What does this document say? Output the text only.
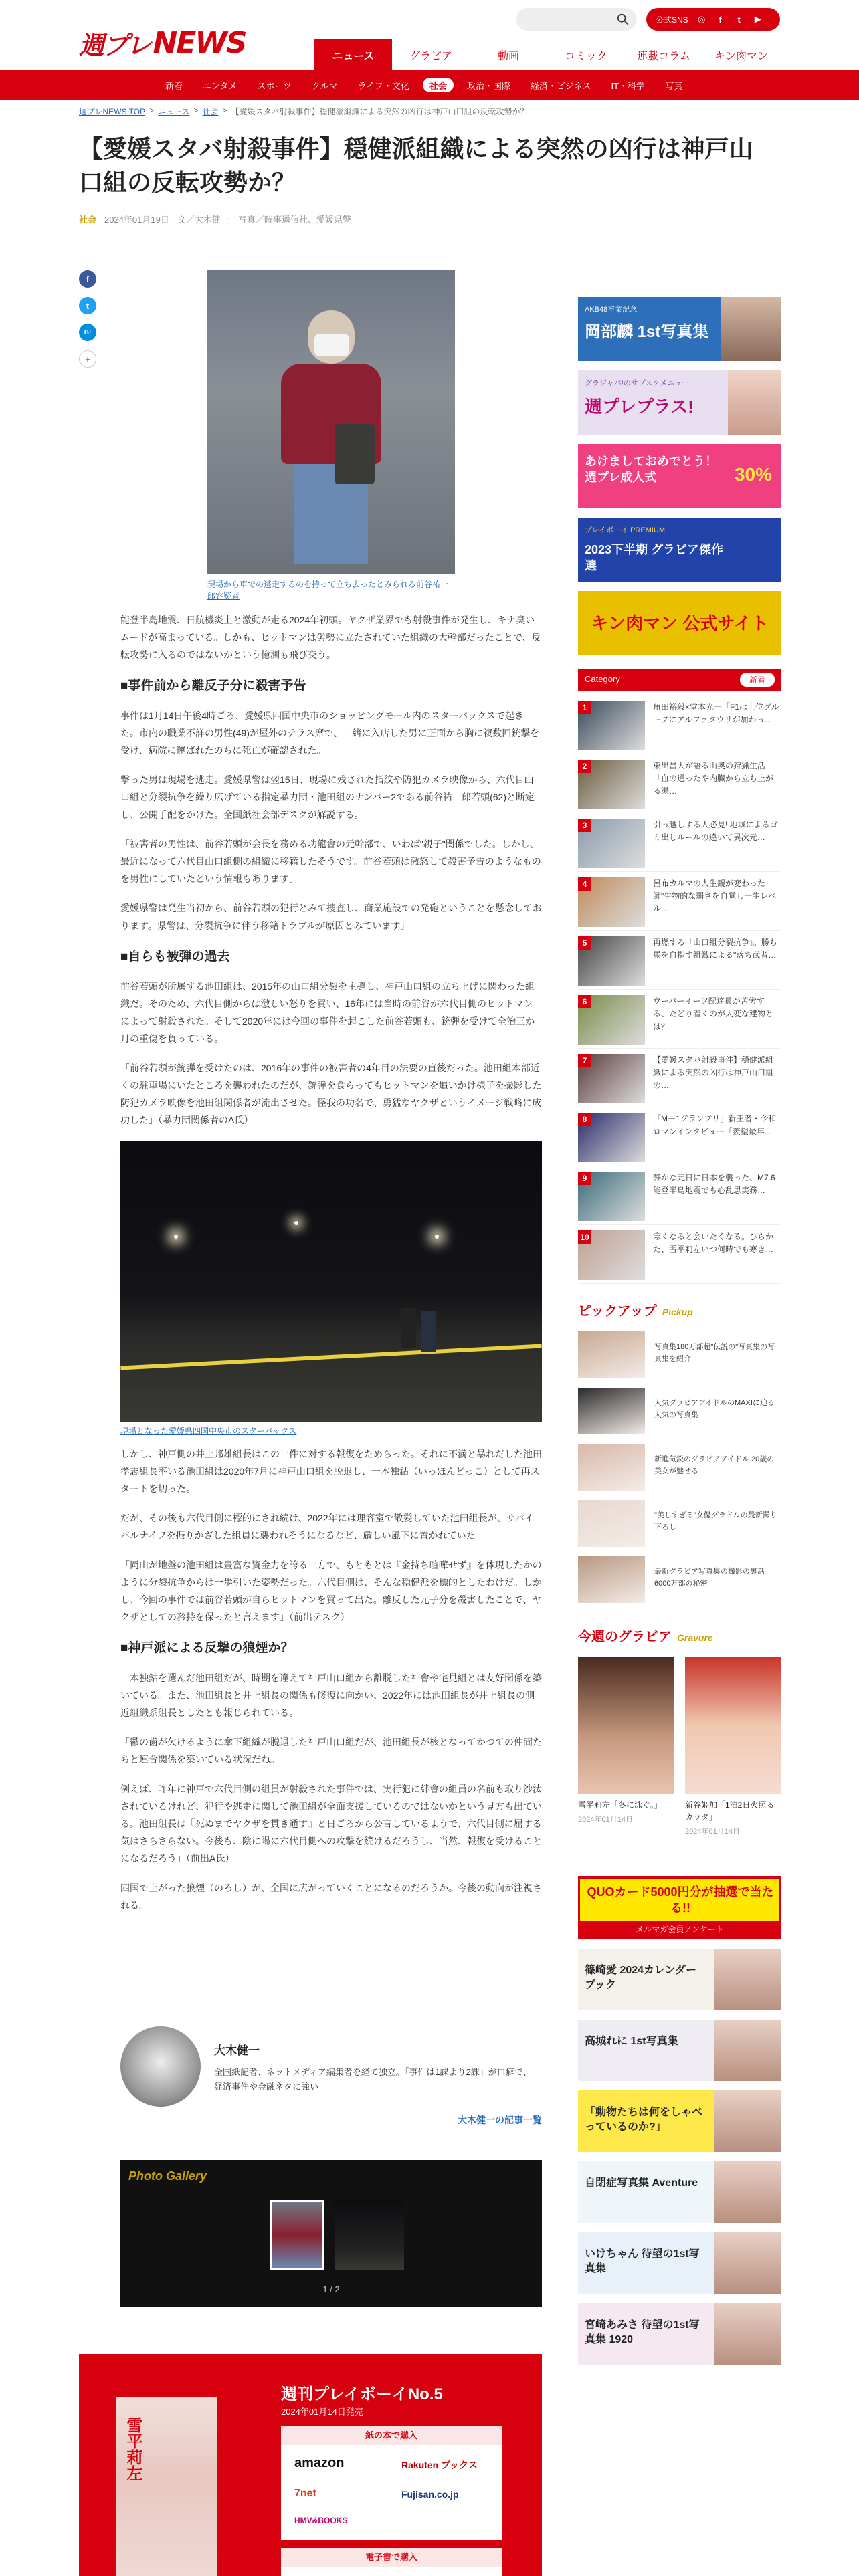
週プレ NEWS
公式SNS ◎	f	t	▶
ニュース	グラビア	動画	コミック	連載コラム	キン肉マン
新着	エンタメ	スポーツ	クルマ	ライフ・文化	社会	政治・国際	経済・ビジネス	IT・科学	写真
週プレNEWS TOP > ニュース > 社会 > 【愛媛スタバ射殺事件】穏健派組織による突然の凶行は神戸山口組の反転攻勢か？
【愛媛スタバ射殺事件】穏健派組織による突然の凶行は神戸山口組の反転攻勢か？
社会 2024年01月19日 文／大木健一　写真／時事通信社、愛媛県警
f
t
B!
+
現場から車での逃走するのを持って立ち去ったとみられる前谷祐一郎容疑者

能登半島地震、日航機炎上と激動が走る2024年初頭。ヤクザ業界でも射殺事件が発生し、キナ臭いムードが高まっている。しかも、ヒットマンは劣勢に立たされていた組織の大幹部だったことで、反転攻勢に入るのではないかという憶測も飛び交う。

■事件前から離反子分に殺害予告

事件は1月14日午後4時ごろ、愛媛県四国中央市のショッピングモール内のスターバックスで起きた。市内の職業不詳の男性(49)が屋外のテラス席で、一緒に入店した男に正面から胸に複数回銃撃を受け、病院に運ばれたのちに死亡が確認された。

撃った男は現場を逃走。愛媛県警は翌15日、現場に残された指紋や防犯カメラ映像から、六代目山口組と分裂抗争を繰り広げている指定暴力団・池田組のナンバー2である前谷祐一郎若頭(62)と断定し、公開手配をかけた。全国紙社会部デスクが解説する。

「被害者の男性は、前谷若頭が会長を務める功龍會の元幹部で、いわば"親子"関係でした。しかし、最近になって六代目山口組側の組織に移籍したそうです。前谷若頭は激怒して殺害予告のようなものを男性にしていたという情報もあります」

愛媛県警は発生当初から、前谷若頭の犯行とみて捜査し、商業施設での発砲ということを懸念しております。県警は、分裂抗争に伴う移籍トラブルが原因とみています」

■自らも被弾の過去

前谷若頭が所属する池田組は、2015年の山口組分裂を主導し、神戸山口組の立ち上げに関わった組織だ。そのため、六代目側からは激しい怒りを買い、16年には当時の前谷が六代目側のヒットマンによって射殺された。そして2020年には今回の事件を起こした前谷若頭も、銃弾を受けて全治三か月の重傷を負っている。

「前谷若頭が銃弾を受けたのは、2016年の事件の被害者の4年目の法要の直後だった。池田組本部近くの駐車場にいたところを襲われたのだが、銃弾を食らってもヒットマンを追いかけ様子を撮影した防犯カメラ映像を池田組関係者が流出させた。怪我の功名で、勇猛なヤクザというイメージ戦略に成功した」（暴力団関係者のA氏）

現場となった愛媛県四国中央市のスターバックス

しかし、神戸側の井上邦雄組長はこの一件に対する報復をためらった。それに不満と暴れだした池田孝志組長率いる池田組は2020年7月に神戸山口組を脱退し、一本独鈷（いっぽんどっこ）として再スタートを切った。

だが、その後も六代目側に標的にされ続け、2022年には理容室で散髪していた池田組長が、サバイバルナイフを振りかざした組員に襲われそうになるなど、厳しい風下に置かれていた。

「岡山が地盤の池田組は豊富な資金力を誇る一方で、もともとは『金持ち喧嘩せず』を体現したかのように分裂抗争からは一歩引いた姿勢だった。六代目側は、そんな穏健派を標的としたわけだ。しかし、今回の事件では前谷若頭が自らヒットマンを買って出た。離反した元子分を殺害したことで、ヤクザとしての矜持を保ったと言えます」（前出テスク）

■神戸派による反撃の狼煙か？

一本独鈷を選んだ池田組だが、時期を違えて神戸山口組から離脱した神會や宅見組とは友好関係を築いている。また、池田組長と井上組長の関係も修復に向かい、2022年には池田組長が井上組長の側近組織系組長としたとも報じられている。

「鬱の歯が欠けるように傘下組織が脱退した神戸山口組だが、池田組長が核となってかつての仲間たちと連合関係を築いている状況だね。

例えば、昨年に神戸で六代目側の組員が射殺された事件では、実行犯に絆會の組員の名前も取り沙汰されているけれど、犯行や逃走に関して池田組が全面支援しているのではないかという見方も出ている。池田組長は『死ぬまでヤクザを貫き通す』と日ごろから公言しているようで、六代目側に屈する気はさらさらない。今後も、陰に陽に六代目側への攻撃を続けるだろうし、当然、報復を受けることになるだろう」（前出A氏）

四国で上がった狼煙（のろし）が、全国に広がっていくことになるのだろうか。今後の動向が注視される。

大木健一
全国紙記者、ネットメディア編集者を経て独立。「事件は1課より2課」が口癖で、経済事件や金融ネタに強い
大木健一の記事一覧
Photo Gallery
1 / 2
雪平莉左
週刊プレイボーイNo.5
2024年01月14日発売
紙の本で購入
amazon	Rakuten ブックス
7net	Fujisan.co.jp
HMV&BOOKS
電子書で購入
AKB48卒業記念
岡部麟 1st写真集
グラジャパ!のサブスクメニュー
週プレプラス!
あけましておめでとう！週プレ成人式	30%
プレイボーイ PREMIUM
2023下半期 グラビア傑作選
キン肉マン 公式サイト
Category	新着
1	角田裕毅×堂本光一「F1は上位グループにアルファタウリが加わっ…
2	東出昌大が語る山奥の狩猟生活「血の通ったや内臓から立ち上がる湯…
3	引っ越しする人必見! 地域によるゴミ出しルールの違いて異次元…
4	呂布カルマの人生観が変わった師"生物的な弱さを自覚し一生レベル…
5	再燃する「山口組分裂抗争」。勝ち馬を自指す組織による"落ち武者…
6	ウーバーイーツ配達員が苦労する、たどり着くのが大変な建物とは？
7	【愛媛スタバ射殺事件】穏健派組織による突然の凶行は神戸山口組の…
8	「M－1グランプリ」新王者・令和ロマンインタビュー「羨望最年…
9	静かな元日に日本を襲った、M7.6能登半島地震でも心乱思実務…
10	寒くなると会いたくなる。ひらかた、雪平莉左いつ何時でも寒き…
ピックアップ Pickup
写真集180万部超"伝説の"写真集の写真集を紹介
人気グラビアアイドルのMAXIに迫る人気の写真集
新進気鋭のグラビアアイドル 20歳の美女が魅せる
"美しすぎる"女優グラドルの最新撮り下ろし
最新グラビア写真集の撮影の裏話 6000万部の秘密
今週のグラビア Gravure
雪平莉左「冬に泳ぐ。」
2024年01月14日
新谷姫加「1泊2日火照るカラダ」
2024年01月14日
QUOカード5000円分が抽選で当たる!!
メルマガ会員アンケート
篠崎愛 2024カレンダーブック
高城れに 1st写真集
「動物たちは何をしゃべっているのか?」
自閉症写真集 Aventure
いけちゃん 待望の1st写真集
宮崎あみさ 待望の1st写真集 1920
